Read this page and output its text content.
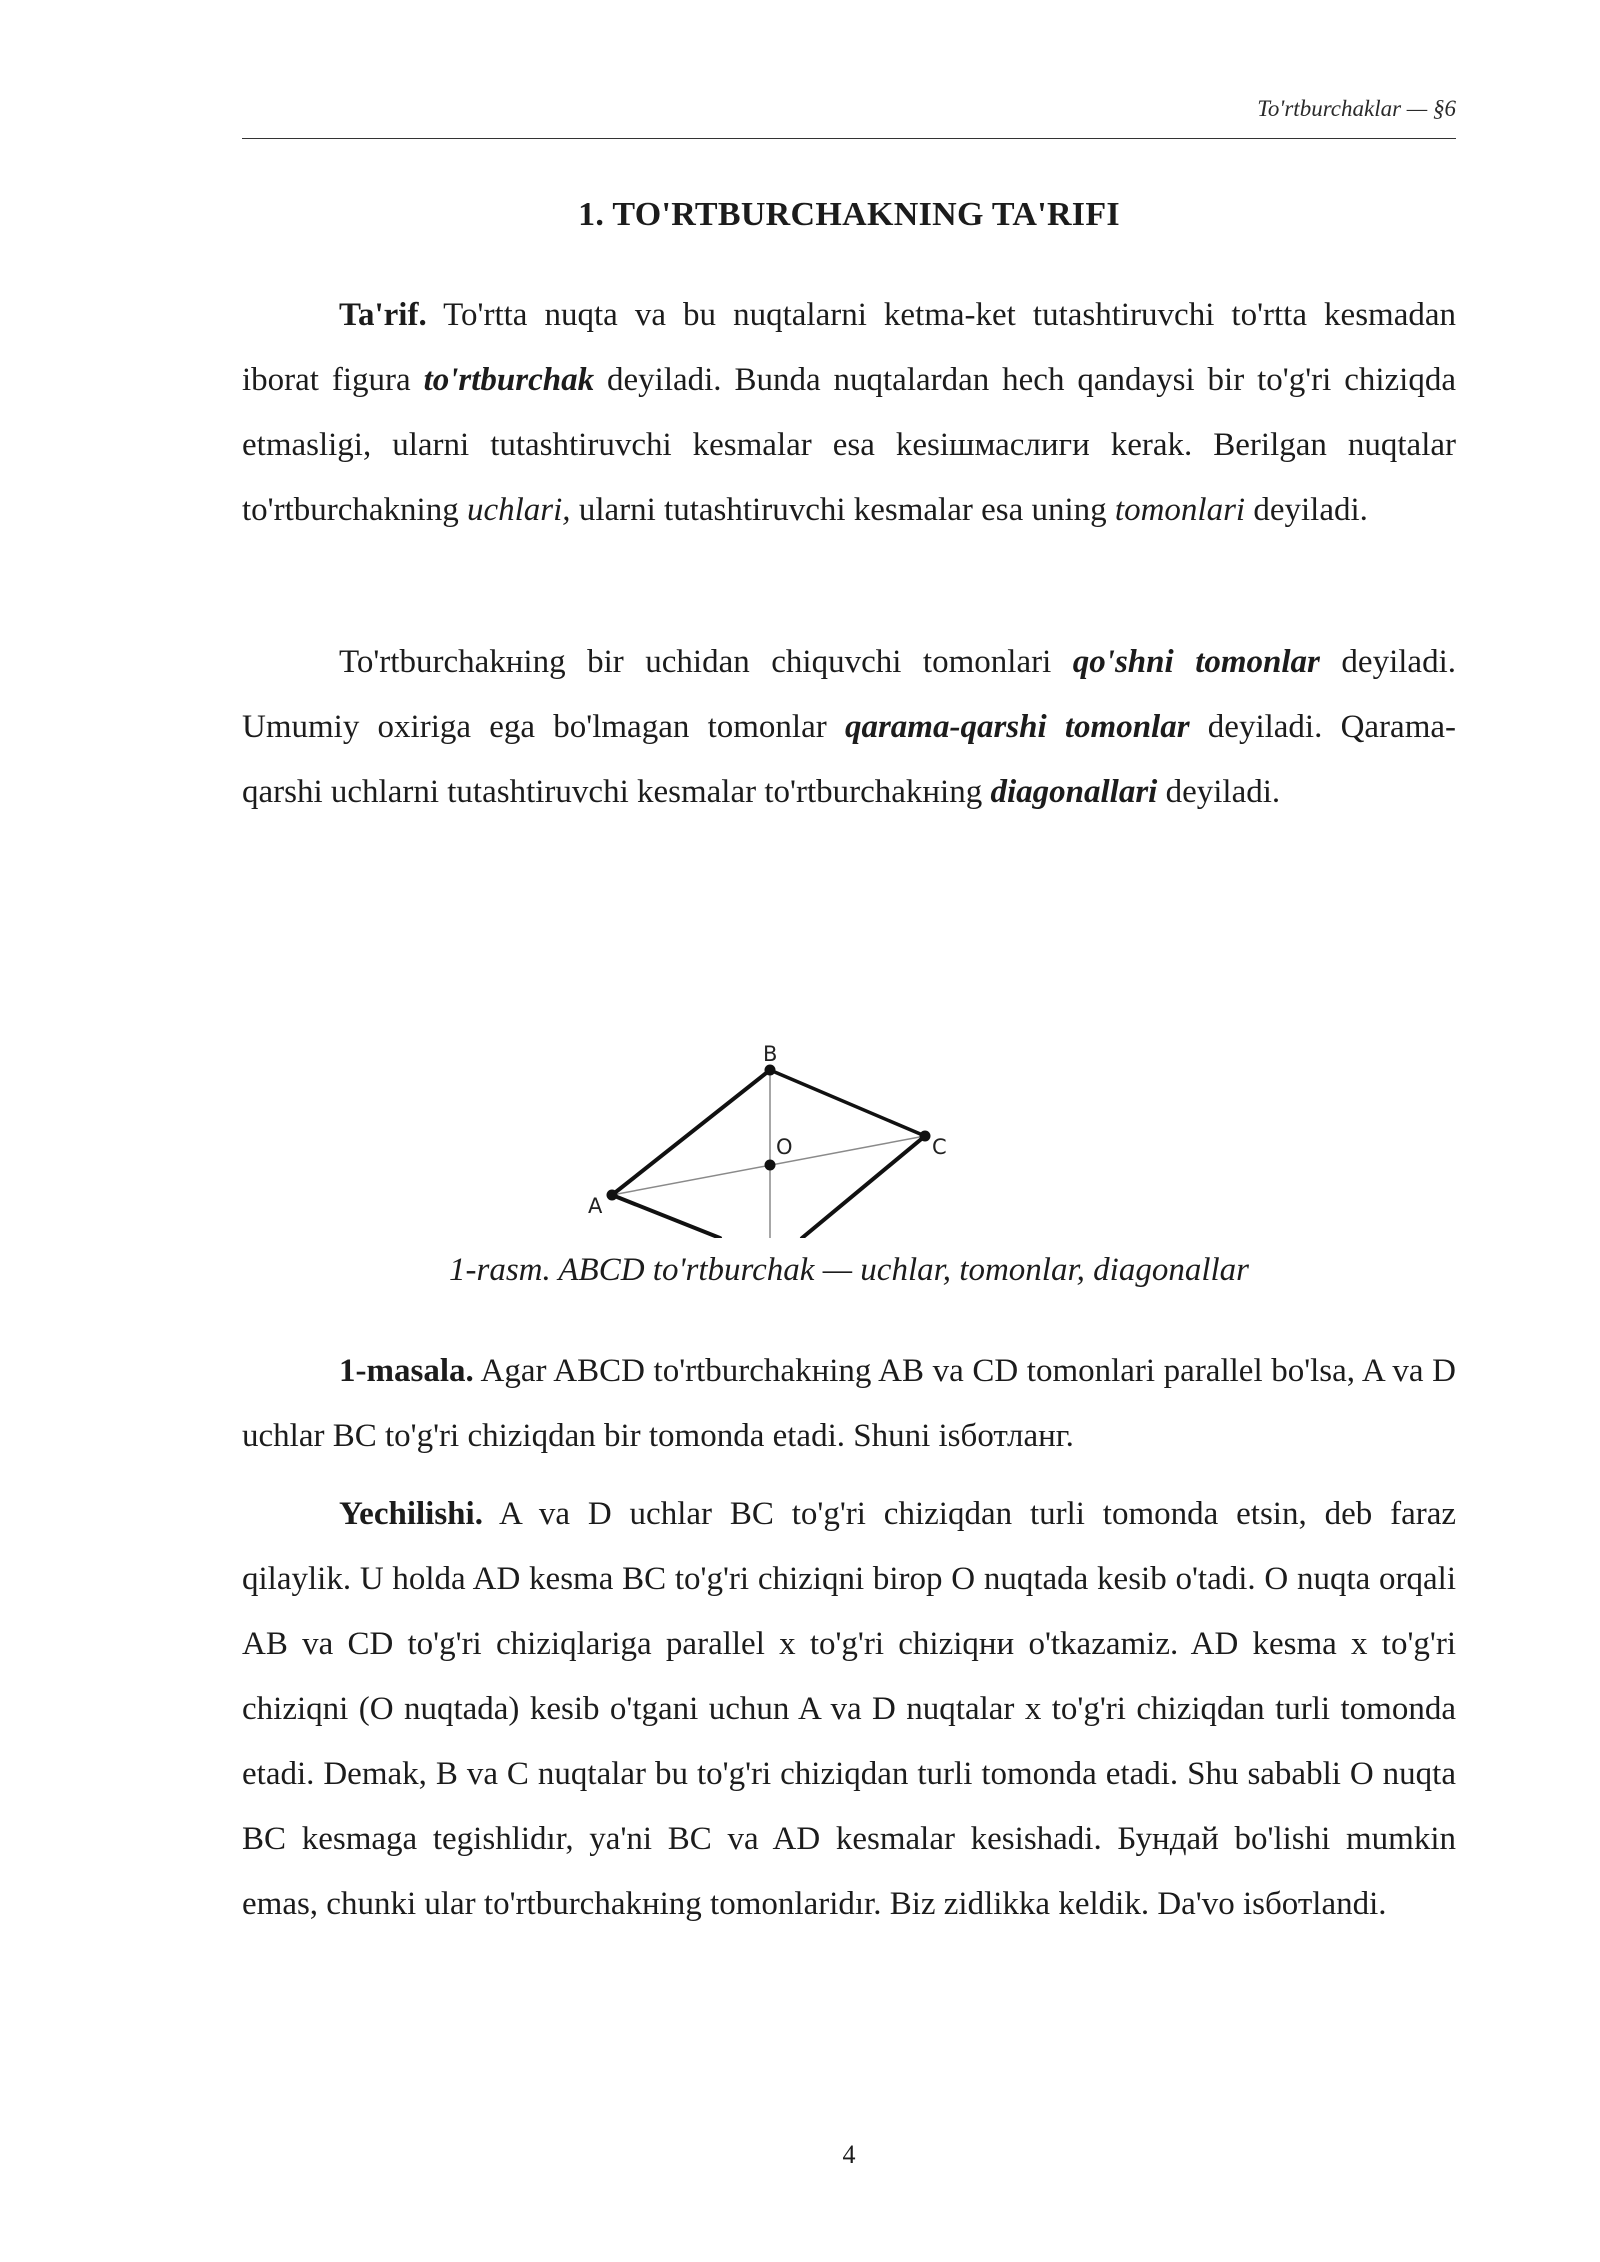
To'rtburchaklar — §6
1. TO'RTBURCHAKNING TA'RIFI

Ta'rif. To'rtta nuqta va bu nuqtalarni ketma-ket tutashtiruvchi to'rtta kesmadan iborat figura to'rtburchak deyiladi. Bunda nuqtalardan hech qandaysi bir to'g'ri chiziqda etmasligi, ularni tutashtiruvchi kesmalar esa kesiшмаслиги kerak. Berilgan nuqtalar to'rtburchakning uchlari, ularni tutashtiruvchi kesmalar esa uning tomonlari deyiladi.

To'rtburchakнing bir uchidan chiquvchi tomonlari qo'shni tomonlar deyiladi. Umumiy oxiriga ega bo'lmagan tomonlar qarama-qarshi tomonlar deyiladi. Qarama-qarshi uchlarni tutashtiruvchi kesmalar to'rtburchakнing diagonallari deyiladi.

A
B
C
O

1-rasm. ABCD to'rtburchak — uchlar, tomonlar, diagonallar

1-masala. Agar ABCD to'rtburchakнing AB va CD tomonlari parallel bo'lsa, A va D uchlar BC to'g'ri chiziqdan bir tomonda etadi. Shuni isботланг.

Yechilishi. A va D uchlar BC to'g'ri chiziqdan turli tomonda etsin, deb faraz qilaylik. U holda AD kesma BC to'g'ri chiziqni birop O nuqtada kesib o'tadi. O nuqta orqali AB va CD to'g'ri chiziqlariga parallel x to'g'ri chiziqни o'tkazamiz. AD kesma x to'g'ri chiziqni (O nuqtada) kesib o'tgani uchun A va D nuqtalar x to'g'ri chiziqdan turli tomonda etadi. Demak, B va C nuqtalar bu to'g'ri chiziqdan turli tomonda etadi. Shu sababli O nuqta BC kesmaga tegishlidır, ya'ni BC va AD kesmalar kesishadi. Бундай bo'lishi mumkin emas, chunki ular to'rtburchakнing tomonlaridır. Biz zidlikka keldik. Da'vo isботlandi.

4
